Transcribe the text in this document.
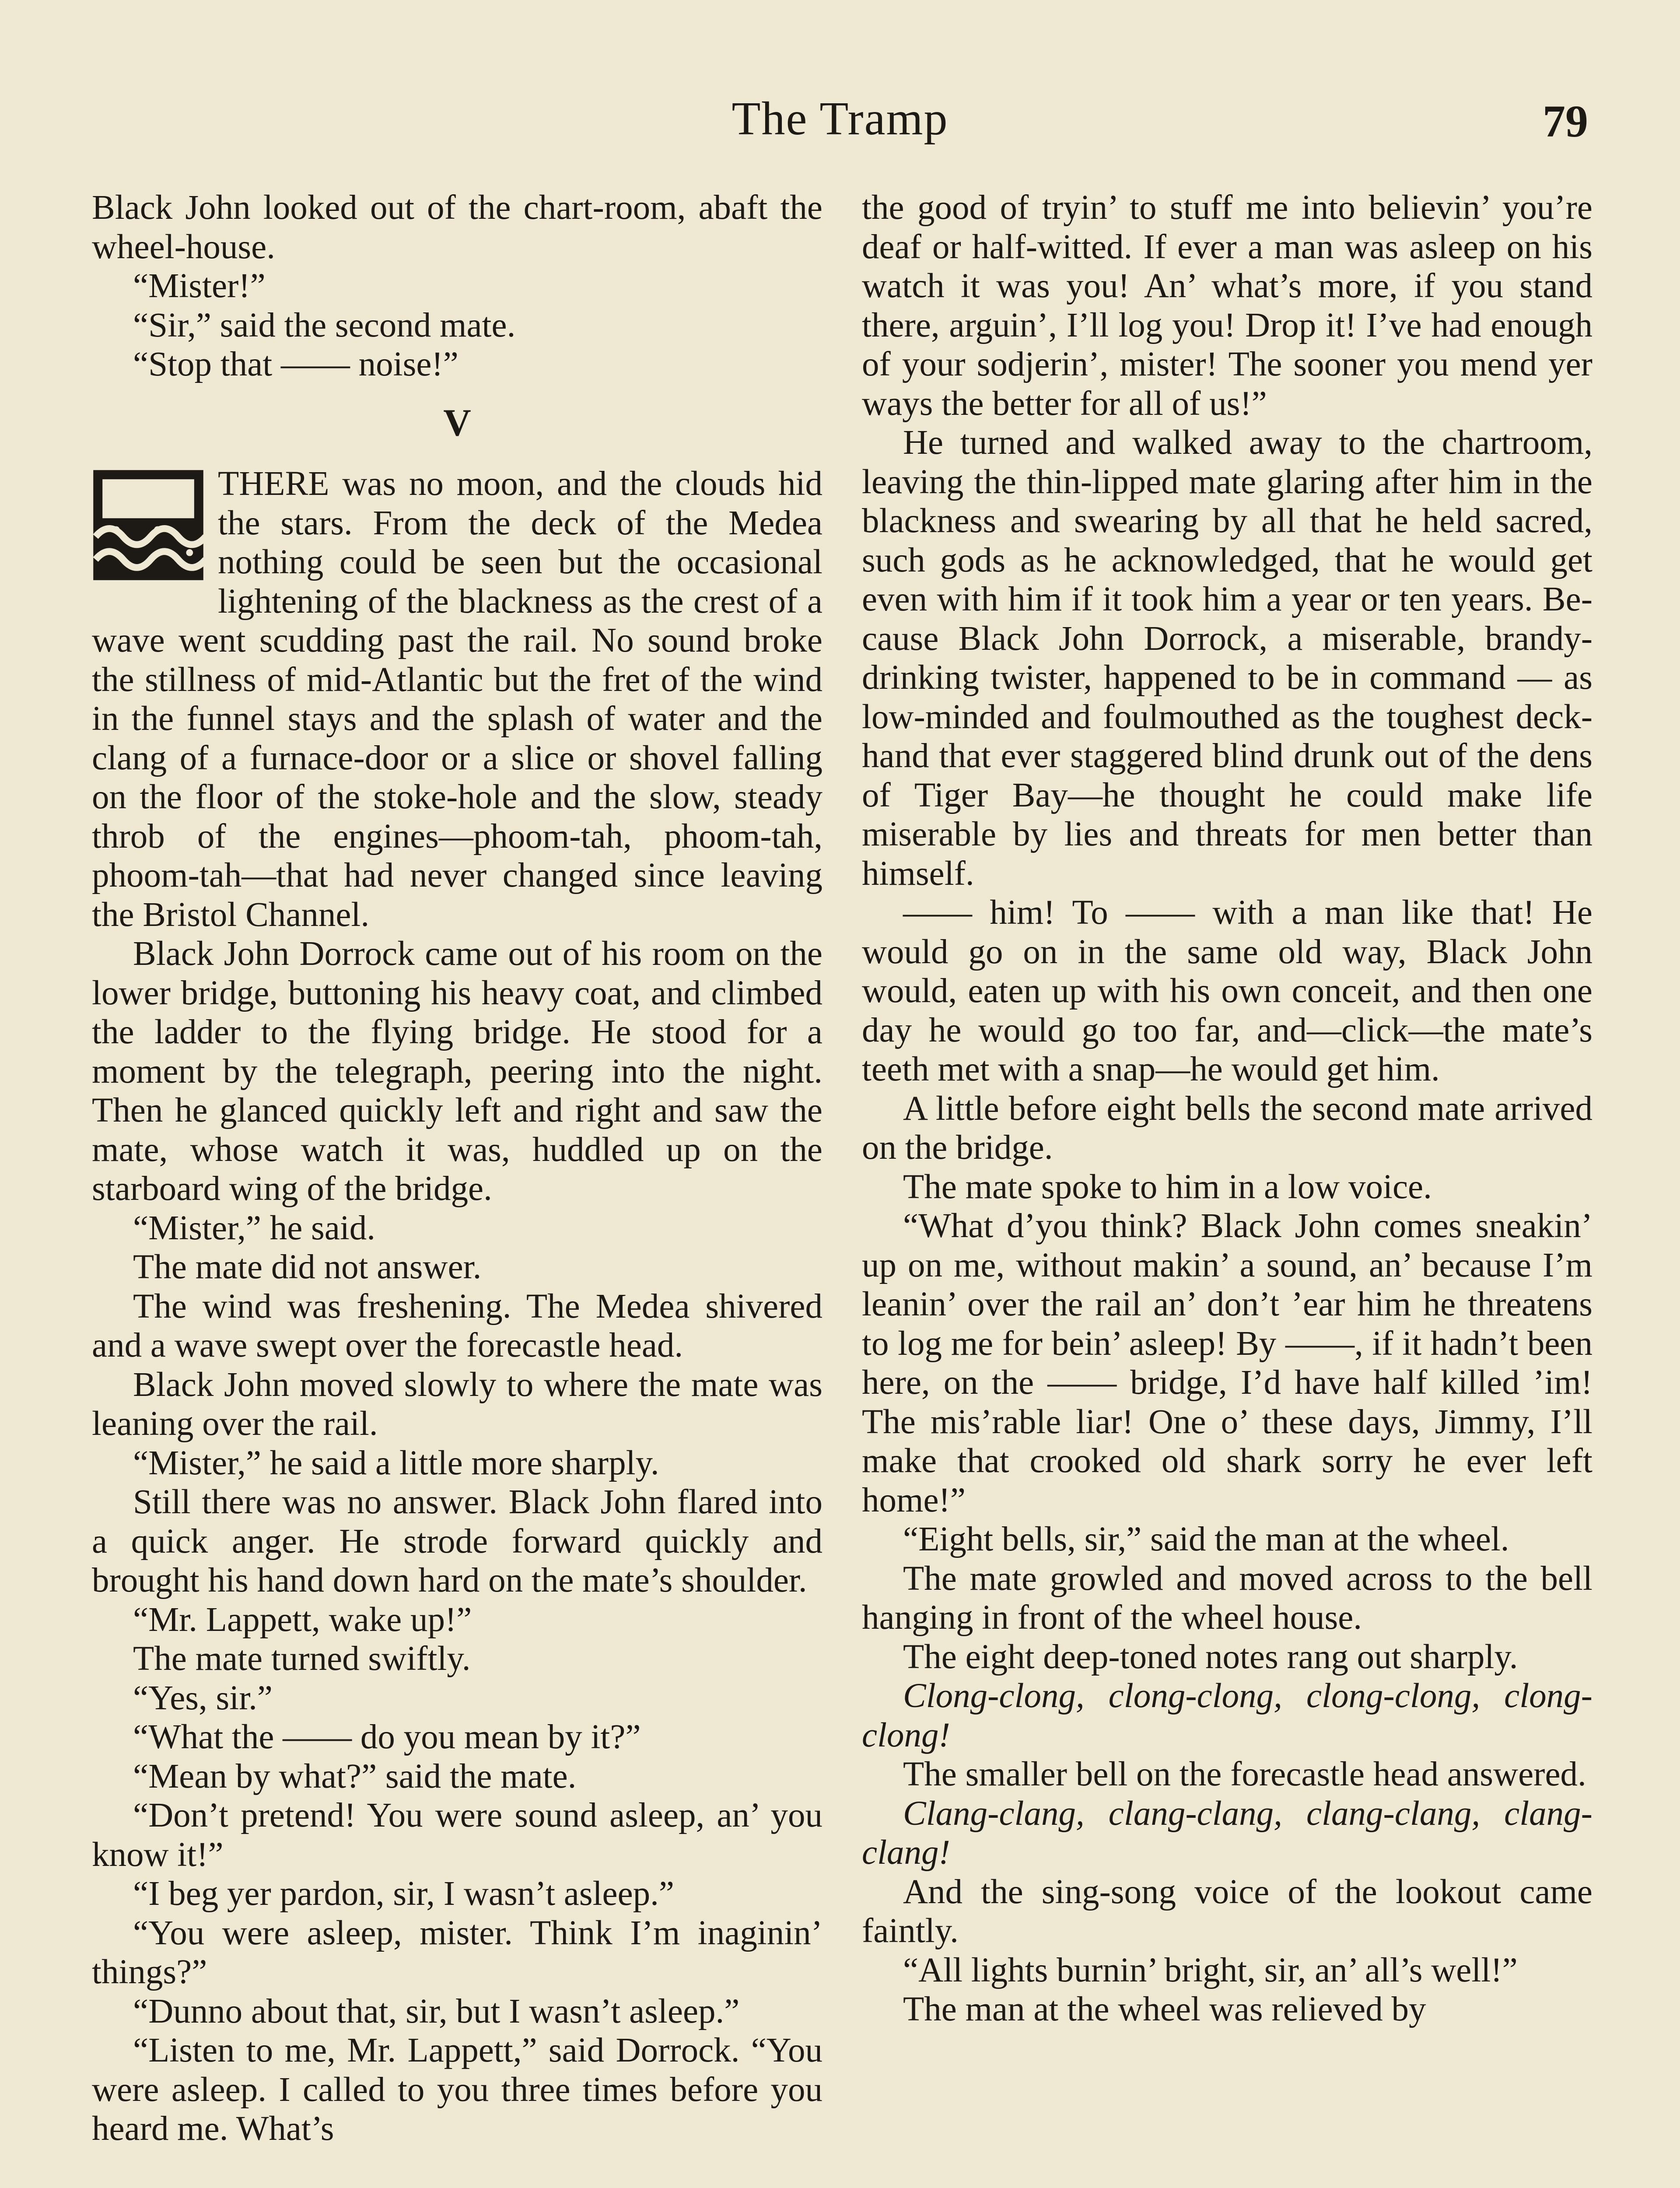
The Tramp	79

Black John looked out of the chart-room, abaft the wheel-house.

“Mister!”

“Sir,” said the second mate.

“Stop that —— noise!”

V

THERE was no moon, and the clouds hid the stars. From the deck of the Medea nothing could be seen but the occasional lightening of the blackness as the crest of a wave went scudding past the rail. No sound broke the stillness of mid-Atlantic but the fret of the wind in the funnel stays and the splash of water and the clang of a furnace-door or a slice or shovel falling on the floor of the stoke-hole and the slow, steady throb of the engines—phoom-tah, phoom-tah, phoom-tah—that had never changed since leaving the Bristol Channel.

Black John Dorrock came out of his room on the lower bridge, buttoning his heavy coat, and climbed the ladder to the flying bridge. He stood for a moment by the telegraph, peering into the night. Then he glanced quickly left and right and saw the mate, whose watch it was, huddled up on the starboard wing of the bridge.

“Mister,” he said.

The mate did not answer.

The wind was freshening. The Medea shivered and a wave swept over the forecastle head.

Black John moved slowly to where the mate was leaning over the rail.

“Mister,” he said a little more sharply.

Still there was no answer. Black John flared into a quick anger. He strode forward quickly and brought his hand down hard on the mate’s shoulder.

“Mr. Lappett, wake up!”

The mate turned swiftly.

“Yes, sir.”

“What the —— do you mean by it?”

“Mean by what?” said the mate.

“Don’t pretend! You were sound asleep, an’ you know it!”

“I beg yer pardon, sir, I wasn’t asleep.”

“You were asleep, mister. Think I’m inaginin’ things?”

“Dunno about that, sir, but I wasn’t asleep.”

“Listen to me, Mr. Lappett,” said Dorrock. “You were asleep. I called to you three times before you heard me. What’s

the good of tryin’ to stuff me into believin’ you’re deaf or half-witted. If ever a man was asleep on his watch it was you! An’ what’s more, if you stand there, arguin’, I’ll log you! Drop it! I’ve had enough of your sodjerin’, mister! The sooner you mend yer ways the better for all of us!”

He turned and walked away to the chartroom, leaving the thin-lipped mate glaring after him in the blackness and swearing by all that he held sacred, such gods as he acknowledged, that he would get even with him if it took him a year or ten years. Because Black John Dorrock, a miserable, brandy-drinking twister, happened to be in command — as low-minded and foulmouthed as the toughest deck-hand that ever staggered blind drunk out of the dens of Tiger Bay—he thought he could make life miserable by lies and threats for men better than himself.

—— him! To —— with a man like that! He would go on in the same old way, Black John would, eaten up with his own conceit, and then one day he would go too far, and—click—the mate’s teeth met with a snap—he would get him.

A little before eight bells the second mate arrived on the bridge.

The mate spoke to him in a low voice.

“What d’you think? Black John comes sneakin’ up on me, without makin’ a sound, an’ because I’m leanin’ over the rail an’ don’t ’ear him he threatens to log me for bein’ asleep! By ——, if it hadn’t been here, on the —— bridge, I’d have half killed ’im! The mis’rable liar! One o’ these days, Jimmy, I’ll make that crooked old shark sorry he ever left home!”

“Eight bells, sir,” said the man at the wheel.

The mate growled and moved across to the bell hanging in front of the wheel house.

The eight deep-toned notes rang out sharply.

Clong-clong, clong-clong, clong-clong, clong-clong!

The smaller bell on the forecastle head answered.

Clang-clang, clang-clang, clang-clang, clang-clang!

And the sing-song voice of the lookout came faintly.

“All lights burnin’ bright, sir, an’ all’s well!”

The man at the wheel was relieved by
